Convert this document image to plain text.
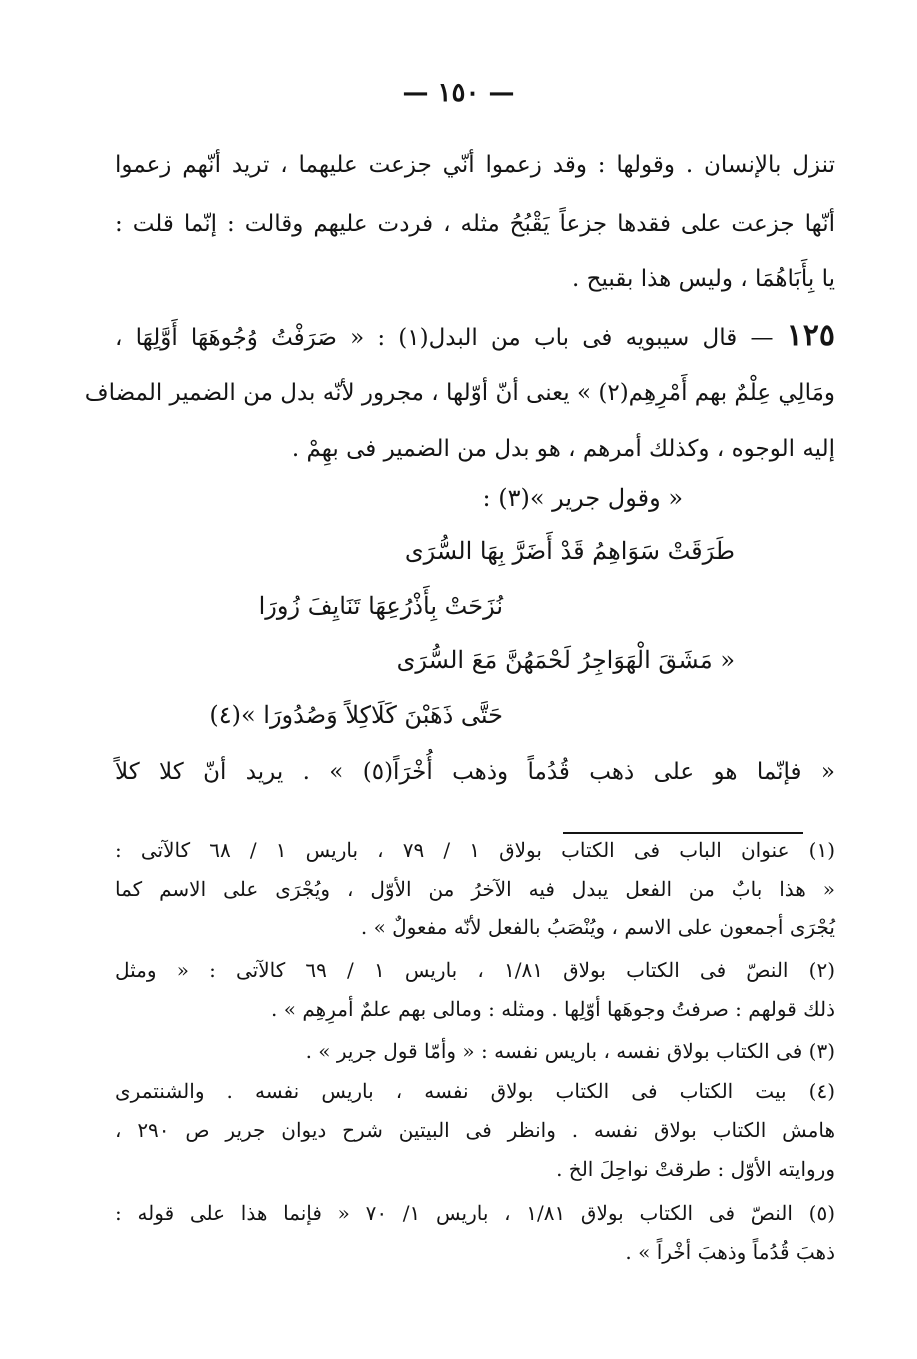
— ١٥٠ —
تنزل بالإنسان . وقولها : وقد زعموا أنّي جزعت عليهما ، تريد أنّهم زعموا
أنّها جزعت على فقدها جزعاً يَقْبُحُ مثله ، فردت عليهم وقالت : إنّما قلت :
يا بِأَبَاهُمَا ، وليس هذا بقبيح .
١٢٥ — قال سيبويه فى باب من البدل(١) : « صَرَفْتُ وُجُوهَهَا أَوَّلِهَا ،
ومَالِي عِلْمٌ بهم أَمْرِهِم(٢) » يعنى أنّ أوّلها ، مجرور لأنّه بدل من الضمير المضاف
إليه الوجوه ، وكذلك أمرهم ، هو بدل من الضمير فى بهِمْ .
« وقول جرير »(٣) :
طَرَقَتْ سَوَاهِمُ قَدْ أَضَرَّ بِهَا السُّرَى
نُزَحَتْ بِأَذْرُعِهَا تَنَايِفَ زُورَا
« مَشَقَ الْهَوَاجِرُ لَحْمَهُنَّ مَعَ السُّرَى
حَتَّى ذَهَبْنَ كَلَاكِلاً وَصُدُورَا »(٤)
« فإنّما هو على ذهب قُدُماً وذهب أُخْرَاً(٥) » . يريد أنّ كلا كلاً
(١) عنوان الباب فى الكتاب بولاق ١ / ٧٩ ، باريس ١ / ٦٨ كالآتى :
« هذا بابٌ من الفعل يبدل فيه الآخرُ من الأوّل ، ويُجْرَى على الاسم كما
يُجْرَى أجمعون على الاسم ، ويُنْصَبُ بالفعل لأنّه مفعولٌ » .
(٢) النصّ فى الكتاب بولاق ١/٨١ ، باريس ١ / ٦٩ كالآتى : « ومثل
ذلك قولهم : صرفتُ وجوهَها أوّلِها . ومثله : ومالى بهم علمٌ أمرِهِم » .
(٣) فى الكتاب بولاق نفسه ، باريس نفسه : « وأمّا قول جرير » .
(٤) بيت الكتاب فى الكتاب بولاق نفسه ، باريس نفسه . والشنتمرى
هامش الكتاب بولاق نفسه . وانظر فى البيتين شرح ديوان جرير ص ٢٩٠ ،
وروايته الأوّل : طرقتْ نواحِلَ الخ .
(٥) النصّ فى الكتاب بولاق ١/٨١ ، باريس ١/ ٧٠ « فإنما هذا على قوله :
ذهبَ قُدُماً وذهبَ أخْراً » .
